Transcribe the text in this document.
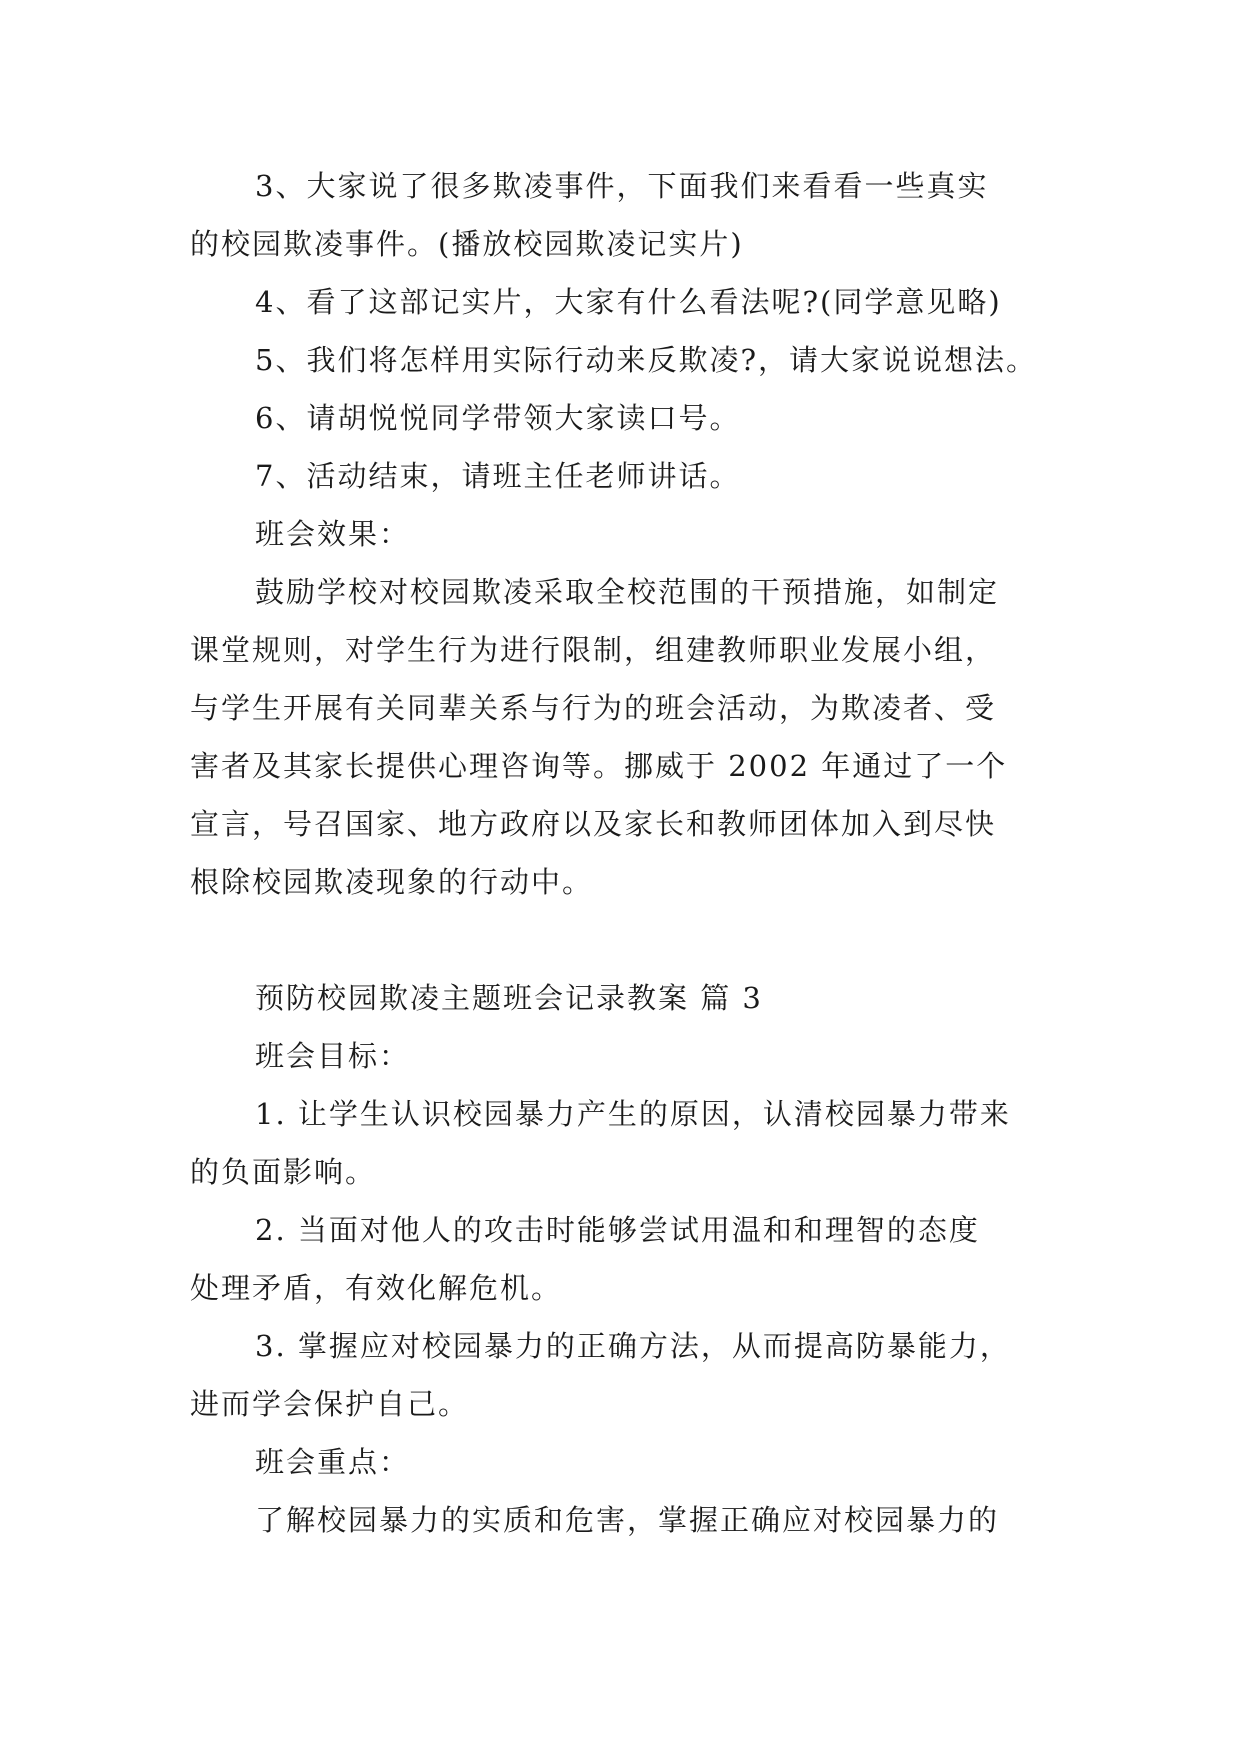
3、大家说了很多欺凌事件，下面我们来看看一些真实
的校园欺凌事件。(播放校园欺凌记实片)
4、看了这部记实片，大家有什么看法呢?(同学意见略)
5、我们将怎样用实际行动来反欺凌?，请大家说说想法。
6、请胡悦悦同学带领大家读口号。
7、活动结束，请班主任老师讲话。
班会效果：
鼓励学校对校园欺凌采取全校范围的干预措施，如制定
课堂规则，对学生行为进行限制，组建教师职业发展小组，
与学生开展有关同辈关系与行为的班会活动，为欺凌者、受
害者及其家长提供心理咨询等。挪威于 2002 年通过了一个
宣言，号召国家、地方政府以及家长和教师团体加入到尽快
根除校园欺凌现象的行动中。
预防校园欺凌主题班会记录教案 篇 3
班会目标：
1. 让学生认识校园暴力产生的原因，认清校园暴力带来
的负面影响。
2. 当面对他人的攻击时能够尝试用温和和理智的态度
处理矛盾，有效化解危机。
3. 掌握应对校园暴力的正确方法，从而提高防暴能力，
进而学会保护自己。
班会重点：
了解校园暴力的实质和危害，掌握正确应对校园暴力的
